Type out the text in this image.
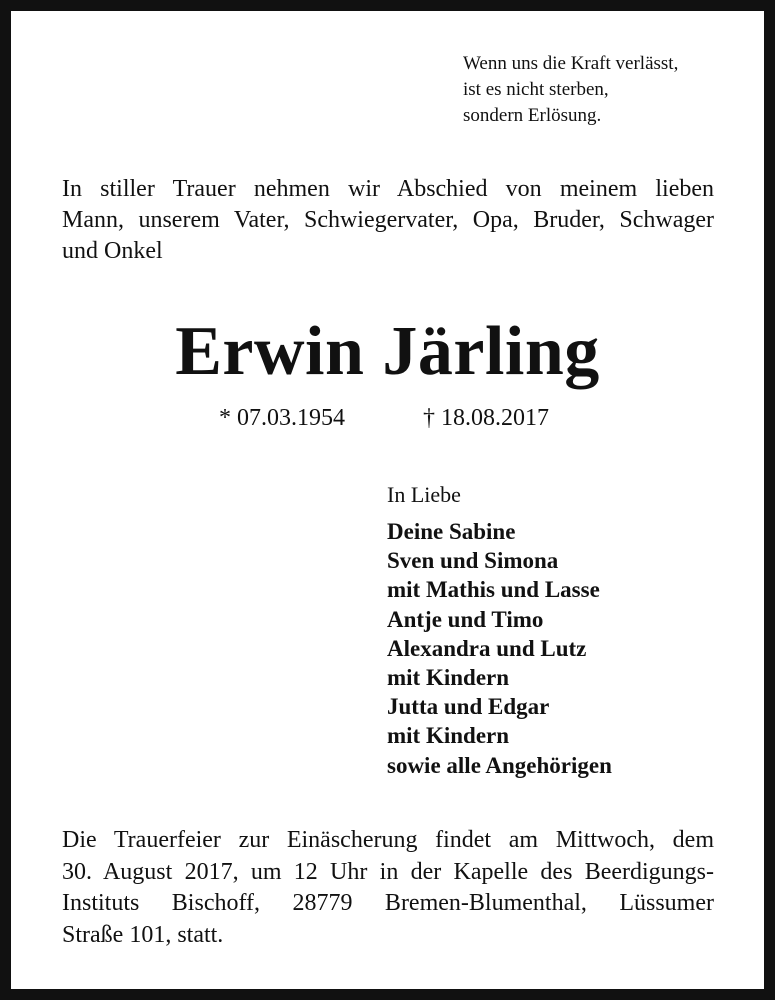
Wenn uns die Kraft verlässt,
ist es nicht sterben,
sondern Erlösung.
In stiller Trauer nehmen wir Abschied von meinem lieben
Mann, unserem Vater, Schwiegervater, Opa, Bruder, Schwager
und Onkel
Erwin Järling
* 07.03.1954	† 18.08.2017
In Liebe
Deine Sabine
Sven und Simona
mit Mathis und Lasse
Antje und Timo
Alexandra und Lutz
mit Kindern
Jutta und Edgar
mit Kindern
sowie alle Angehörigen
Die Trauerfeier zur Einäscherung findet am Mittwoch, dem
30. August 2017, um 12 Uhr in der Kapelle des Beerdigungs-
Instituts Bischoff, 28779 Bremen-Blumenthal, Lüssumer
Straße 101, statt.
